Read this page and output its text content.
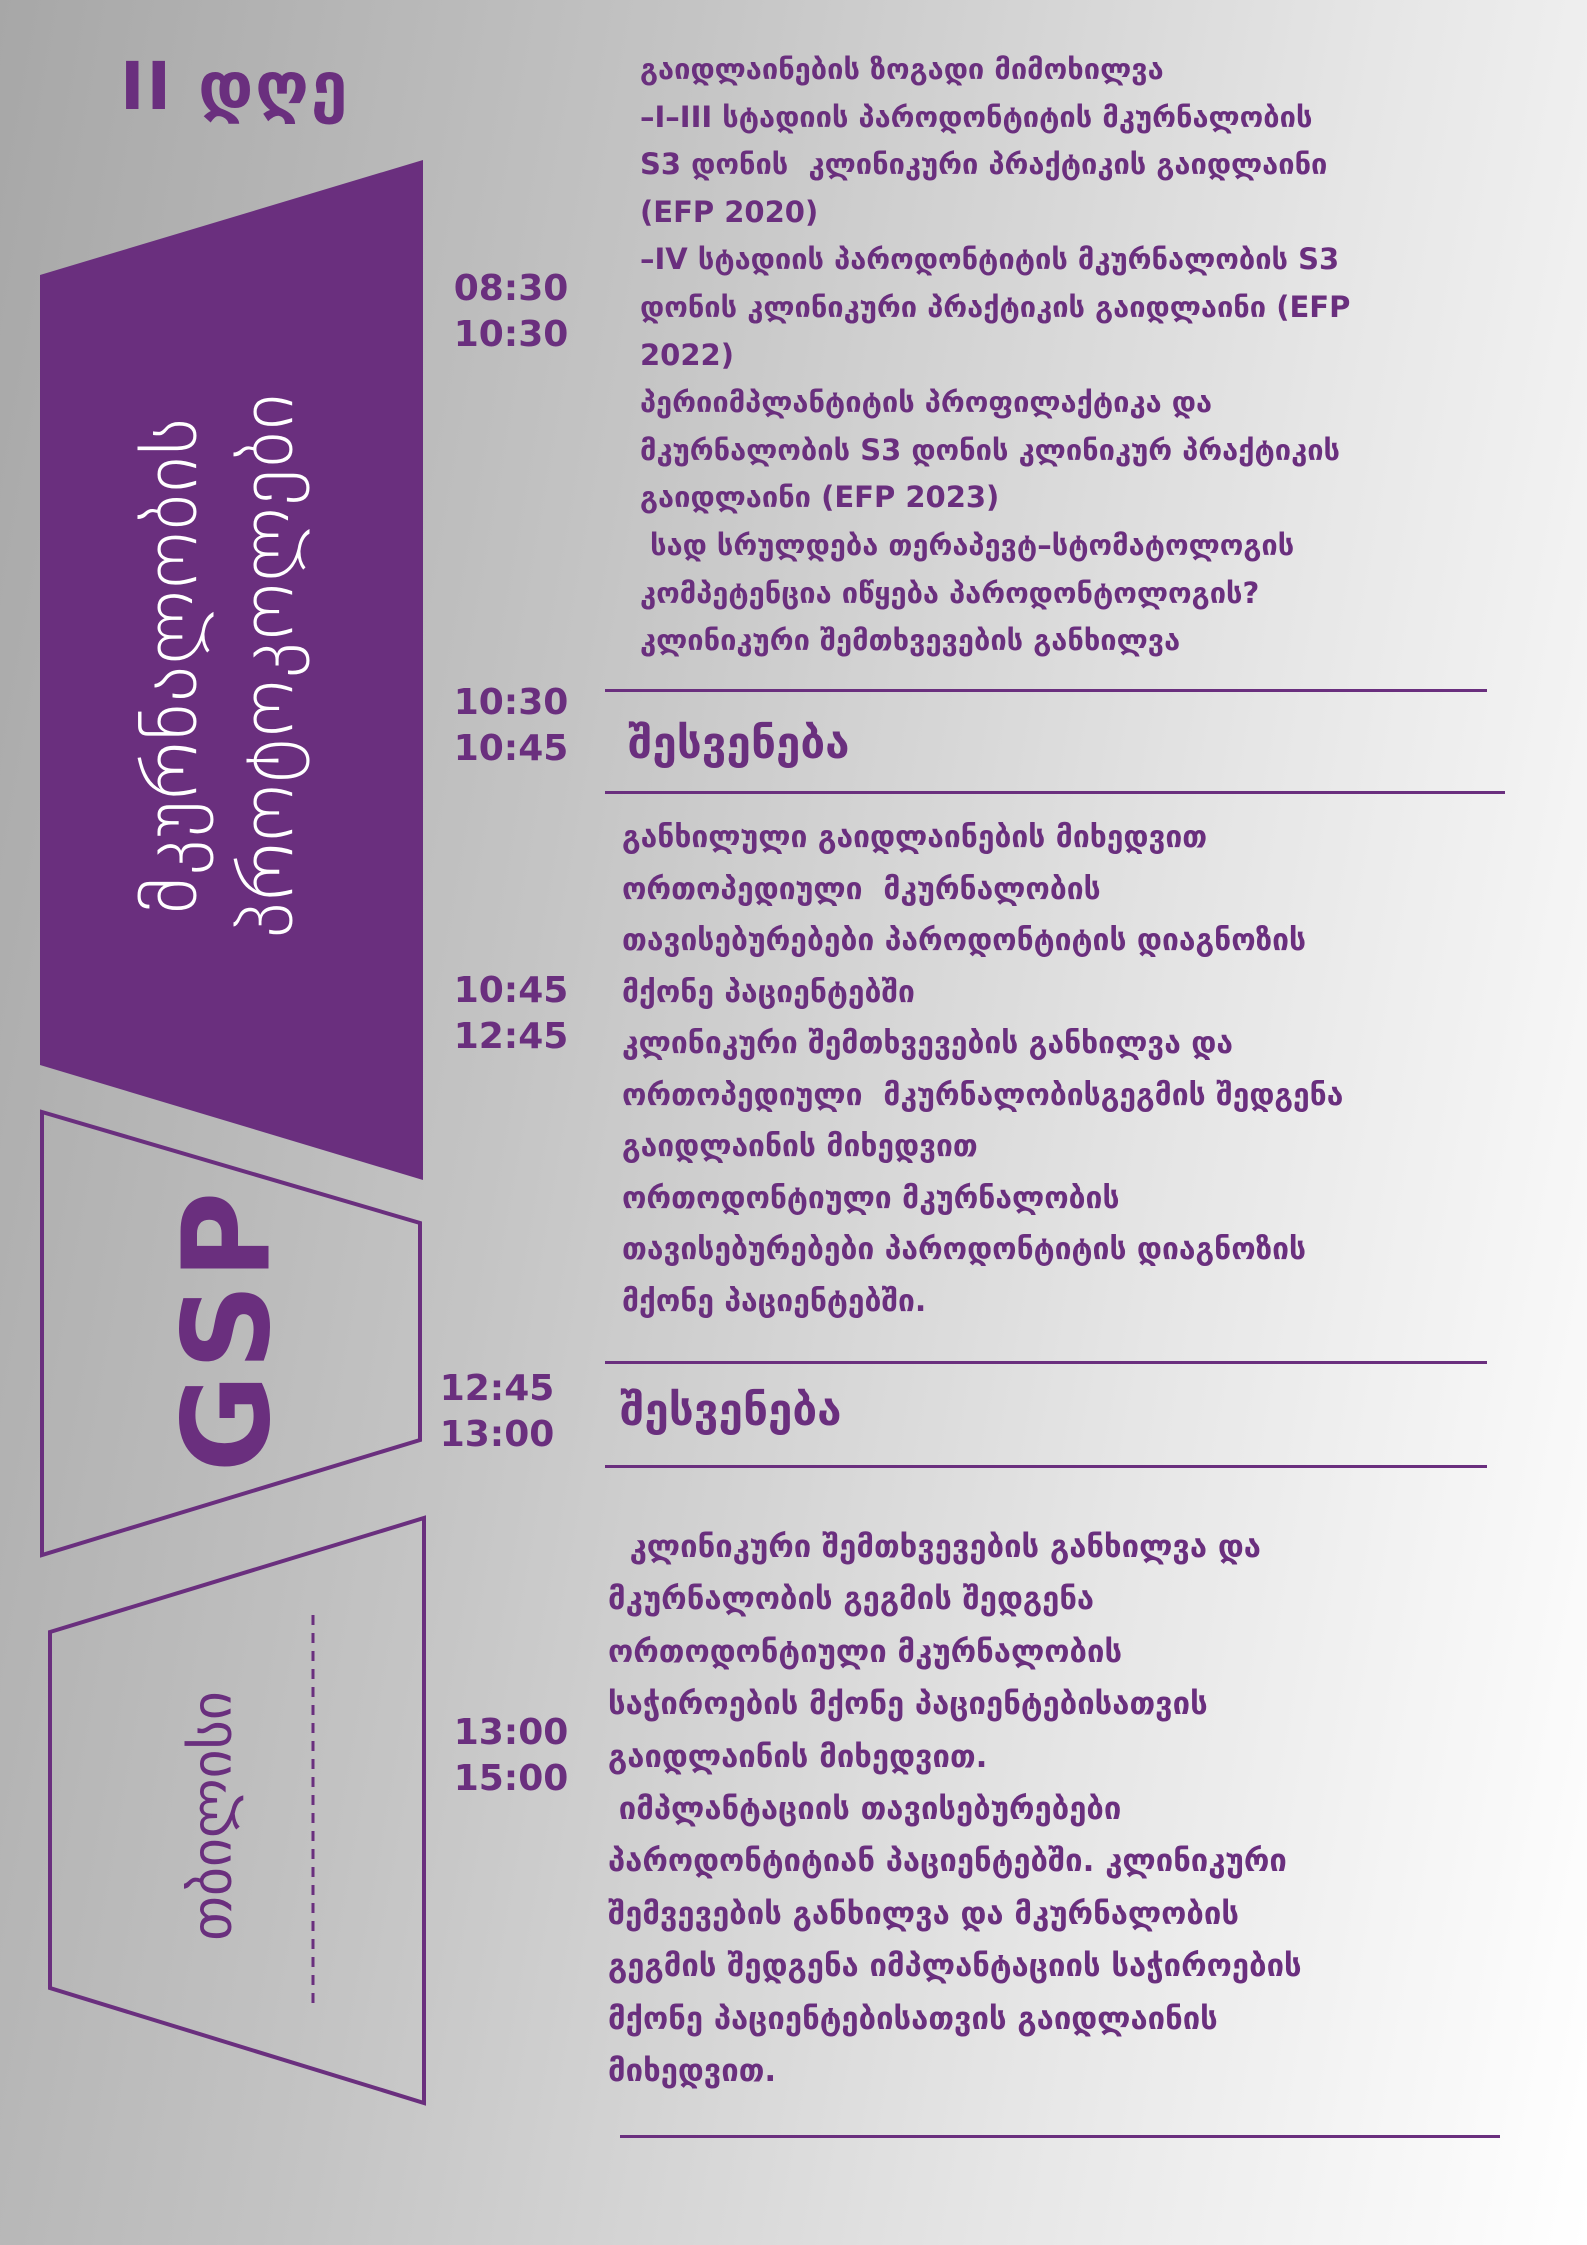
II დღე
მკურნალობის პროტოკოლები
GSP
თბილისი
08:30
10:30
10:30
10:45
10:45
12:45
12:45
13:00
13:00
15:00
გაიდლაინების ზოგადი მიმოხილვა
–I–III სტადიის პაროდონტიტის მკურნალობის
S3 დონის  კლინიკური პრაქტიკის გაიდლაინი
(EFP 2020)
–IV სტადიის პაროდონტიტის მკურნალობის S3
დონის კლინიკური პრაქტიკის გაიდლაინი (EFP
2022)
პერიიმპლანტიტის პროფილაქტიკა და
მკურნალობის S3 დონის კლინიკურ პრაქტიკის
გაიდლაინი (EFP 2023)
სად სრულდება თერაპევტ–სტომატოლოგის
კომპეტენცია იწყება პაროდონტოლოგის?
კლინიკური შემთხვევების განხილვა
შესვენება
განხილული გაიდლაინების მიხედვით
ორთოპედიული  მკურნალობის
თავისებურებები პაროდონტიტის დიაგნოზის
მქონე პაციენტებში
კლინიკური შემთხვევების განხილვა და
ორთოპედიული  მკურნალობისგეგმის შედგენა
გაიდლაინის მიხედვით
ორთოდონტიული მკურნალობის
თავისებურებები პაროდონტიტის დიაგნოზის
მქონე პაციენტებში.
შესვენება
კლინიკური შემთხვევების განხილვა და
მკურნალობის გეგმის შედგენა
ორთოდონტიული მკურნალობის
საჭიროების მქონე პაციენტებისათვის
გაიდლაინის მიხედვით.
იმპლანტაციის თავისებურებები
პაროდონტიტიან პაციენტებში. კლინიკური
შემვევების განხილვა და მკურნალობის
გეგმის შედგენა იმპლანტაციის საჭიროების
მქონე პაციენტებისათვის გაიდლაინის
მიხედვით.
